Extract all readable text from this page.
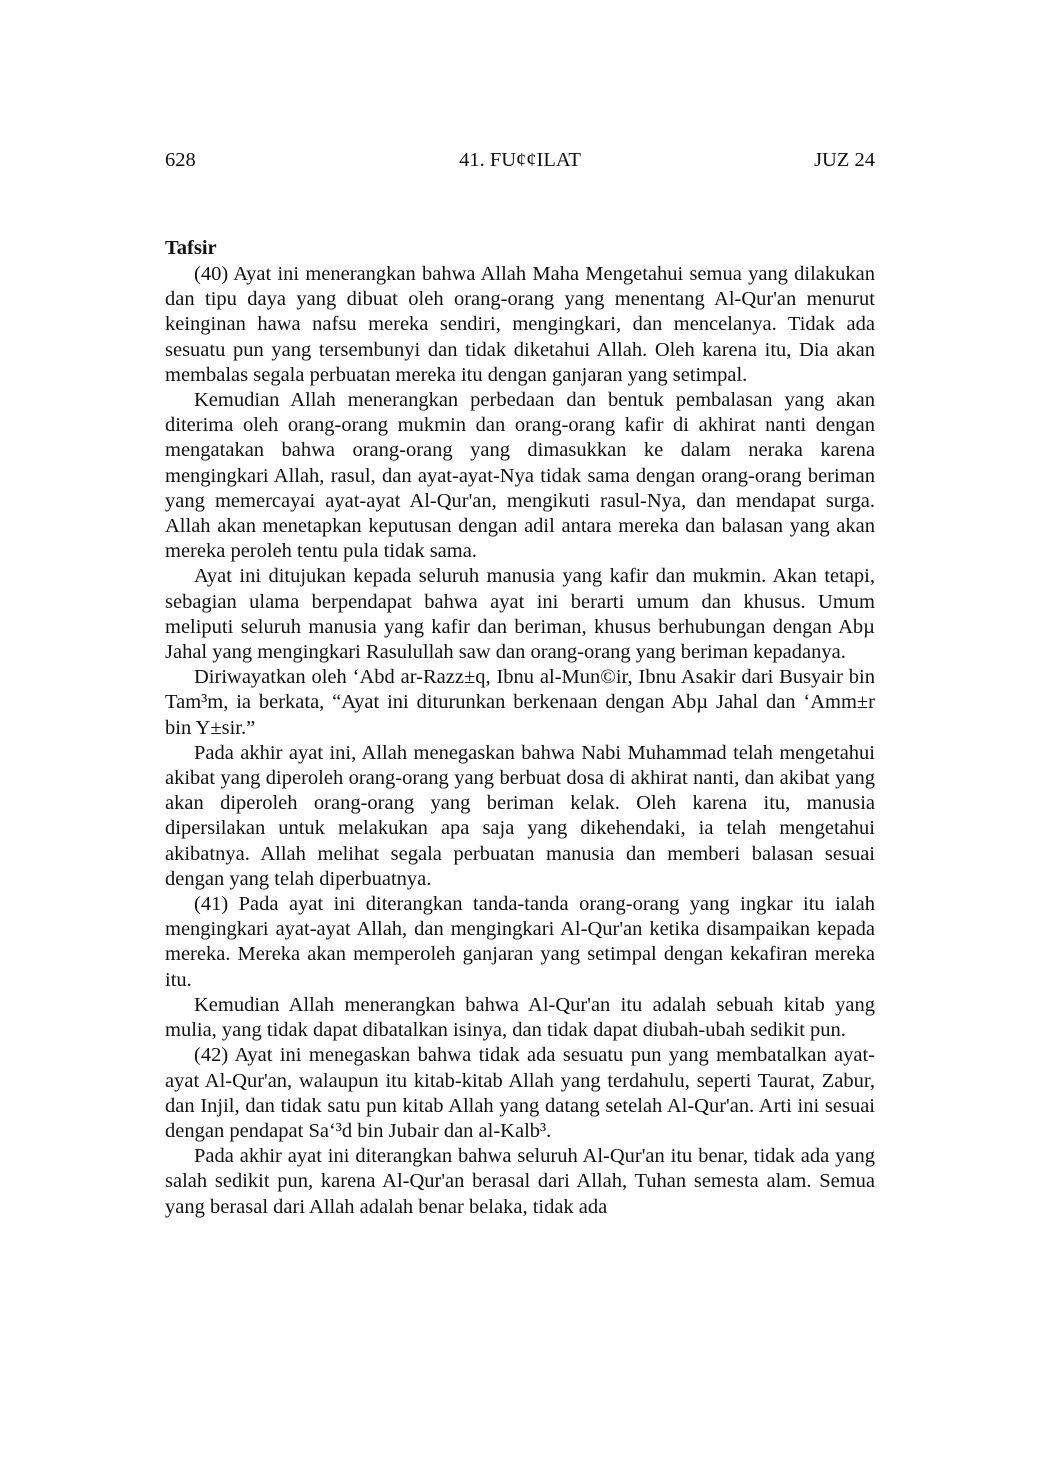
628	41. FU¢¢ILAT	JUZ 24

Tafsir

(40) Ayat ini menerangkan bahwa Allah Maha Mengetahui semua yang dilakukan dan tipu daya yang dibuat oleh orang-orang yang menentang Al-Qur'an menurut keinginan hawa nafsu mereka sendiri, mengingkari, dan mencelanya. Tidak ada sesuatu pun yang tersembunyi dan tidak diketahui Allah. Oleh karena itu, Dia akan membalas segala perbuatan mereka itu dengan ganjaran yang setimpal.

Kemudian Allah menerangkan perbedaan dan bentuk pembalasan yang akan diterima oleh orang-orang mukmin dan orang-orang kafir di akhirat nanti dengan mengatakan bahwa orang-orang yang dimasukkan ke dalam neraka karena mengingkari Allah, rasul, dan ayat-ayat-Nya tidak sama dengan orang-orang beriman yang memercayai ayat-ayat Al-Qur'an, mengikuti rasul-Nya, dan mendapat surga. Allah akan menetapkan keputusan dengan adil antara mereka dan balasan yang akan mereka peroleh tentu pula tidak sama.

Ayat ini ditujukan kepada seluruh manusia yang kafir dan mukmin. Akan tetapi, sebagian ulama berpendapat bahwa ayat ini berarti umum dan khusus. Umum meliputi seluruh manusia yang kafir dan beriman, khusus berhubungan dengan Abµ Jahal yang mengingkari Rasulullah saw dan orang-orang yang beriman kepadanya.

Diriwayatkan oleh ‘Abd ar-Razz±q, Ibnu al-Mun©ir, Ibnu Asakir dari Busyair bin Tam³m, ia berkata, “Ayat ini diturunkan berkenaan dengan Abµ Jahal dan ‘Amm±r bin Y±sir.”

Pada akhir ayat ini, Allah menegaskan bahwa Nabi Muhammad telah mengetahui akibat yang diperoleh orang-orang yang berbuat dosa di akhirat nanti, dan akibat yang akan diperoleh orang-orang yang beriman kelak. Oleh karena itu, manusia dipersilakan untuk melakukan apa saja yang dikehendaki, ia telah mengetahui akibatnya. Allah melihat segala perbuatan manusia dan memberi balasan sesuai dengan yang telah diperbuatnya.

(41) Pada ayat ini diterangkan tanda-tanda orang-orang yang ingkar itu ialah mengingkari ayat-ayat Allah, dan mengingkari Al-Qur'an ketika disampaikan kepada mereka. Mereka akan memperoleh ganjaran yang setimpal dengan kekafiran mereka itu.

Kemudian Allah menerangkan bahwa Al-Qur'an itu adalah sebuah kitab yang mulia, yang tidak dapat dibatalkan isinya, dan tidak dapat diubah-ubah sedikit pun.

(42) Ayat ini menegaskan bahwa tidak ada sesuatu pun yang membatalkan ayat-ayat Al-Qur'an, walaupun itu kitab-kitab Allah yang terdahulu, seperti Taurat, Zabur, dan Injil, dan tidak satu pun kitab Allah yang datang setelah Al-Qur'an. Arti ini sesuai dengan pendapat Sa‘³d bin Jubair dan al-Kalb³.

Pada akhir ayat ini diterangkan bahwa seluruh Al-Qur'an itu benar, tidak ada yang salah sedikit pun, karena Al-Qur'an berasal dari Allah, Tuhan semesta alam. Semua yang berasal dari Allah adalah benar belaka, tidak ada
